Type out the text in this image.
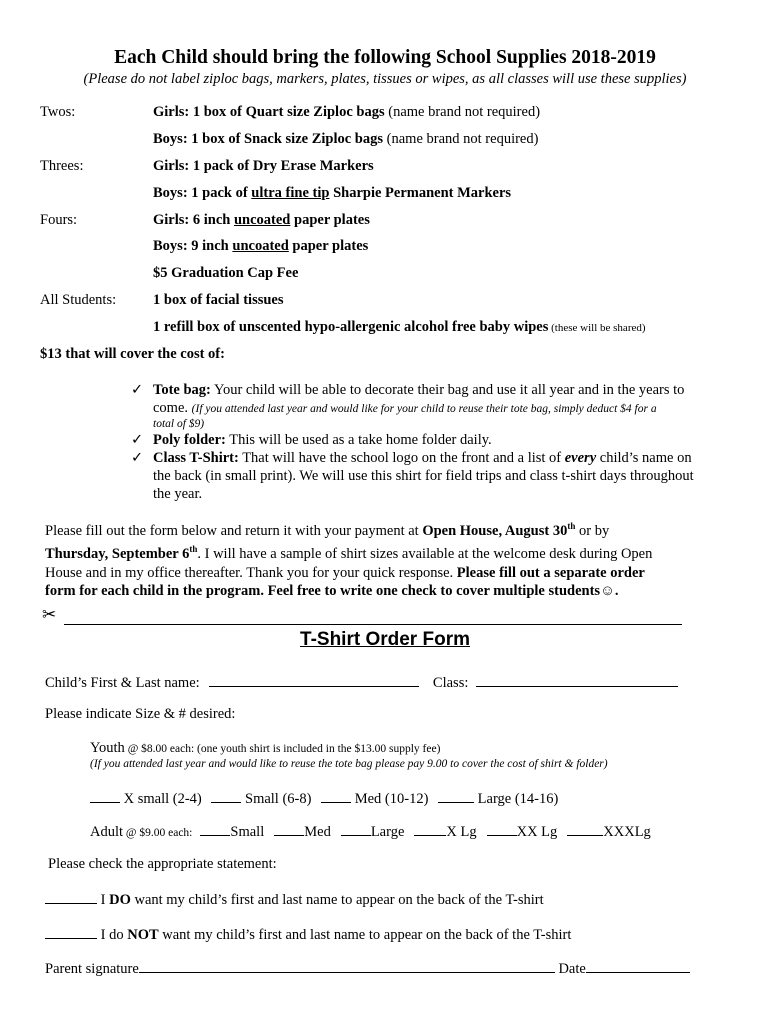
Each Child should bring the following School Supplies 2018-2019
(Please do not label ziploc bags, markers, plates, tissues or wipes, as all classes will use these supplies)
Twos:	Girls: 1 box of Quart size Ziploc bags (name brand not required)
Boys: 1 box of Snack size Ziploc bags (name brand not required)
Threes:	Girls: 1 pack of Dry Erase Markers
Boys: 1 pack of ultra fine tip Sharpie Permanent Markers
Fours:	Girls: 6 inch uncoated paper plates
Boys: 9 inch uncoated paper plates
$5 Graduation Cap Fee
All Students:	1 box of facial tissues
1 refill box of unscented hypo-allergenic alcohol free baby wipes (these will be shared)
$13 that will cover the cost of:
✓ Tote bag: Your child will be able to decorate their bag and use it all year and in the years to
come. (If you attended last year and would like for your child to reuse their tote bag, simply deduct $4 for a
total of $9)
✓ Poly folder: This will be used as a take home folder daily.
✓ Class T-Shirt: That will have the school logo on the front and a list of every child’s name on
the back (in small print). We will use this shirt for field trips and class t-shirt days throughout
the year.
Please fill out the form below and return it with your payment at Open House, August 30th or by
Thursday, September 6th. I will have a sample of shirt sizes available at the welcome desk during Open
House and in my office thereafter. Thank you for your quick response. Please fill out a separate order
form for each child in the program. Feel free to write one check to cover multiple students☺.
✂
T-Shirt Order Form
Child’s First & Last name:	Class:
Please indicate Size & # desired:
Youth @ $8.00 each: (one youth shirt is included in the $13.00 supply fee)
(If you attended last year and would like to reuse the tote bag please pay 9.00 to cover the cost of shirt & folder)
X small (2-4)	Small (6-8)	Med (10-12)	Large (14-16)
Adult @ $9.00 each:	Small	Med	Large	X Lg	XX Lg	XXXLg
Please check the appropriate statement:
I DO want my child’s first and last name to appear on the back of the T-shirt
I do NOT want my child’s first and last name to appear on the back of the T-shirt
Parent signature	Date
